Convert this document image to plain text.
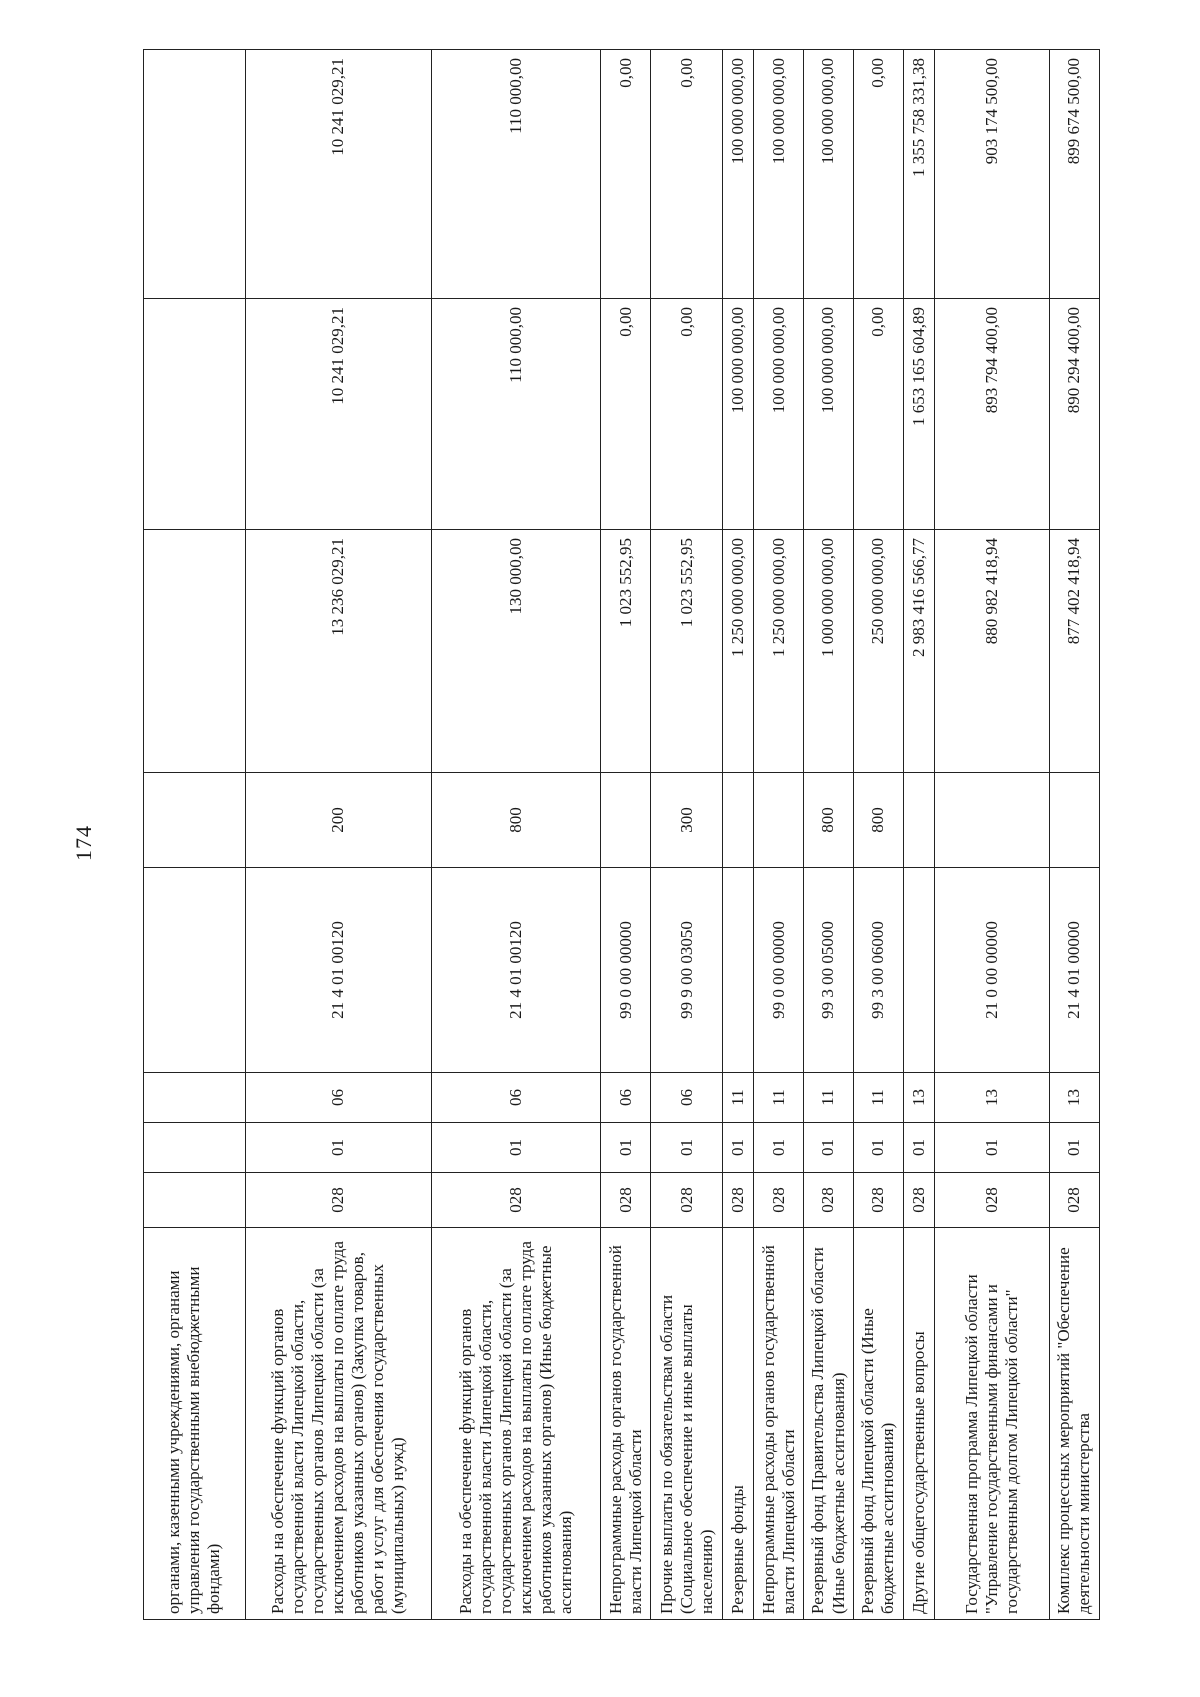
174
органами, казенными учреждениями, органами управления государственными внебюджетными фондами)								
Расходы на обеспечение функций органов государственной власти Липецкой области, государственных органов Липецкой области (за исключением расходов на выплаты по оплате труда работников указанных органов) (Закупка товаров, работ и услуг для обеспечения государственных (муниципальных) нужд)	028	01	06	21 4 01 00120	200	13 236 029,21	10 241 029,21	10 241 029,21
Расходы на обеспечение функций органов государственной власти Липецкой области, государственных органов Липецкой области (за исключением расходов на выплаты по оплате труда работников указанных органов) (Иные бюджетные ассигнования)	028	01	06	21 4 01 00120	800	130 000,00	110 000,00	110 000,00
Непрограммные расходы органов государственной власти Липецкой области	028	01	06	99 0 00 00000		1 023 552,95	0,00	0,00
Прочие выплаты по обязательствам области (Социальное обеспечение и иные выплаты населению)	028	01	06	99 9 00 03050	300	1 023 552,95	0,00	0,00
Резервные фонды	028	01	11			1 250 000 000,00	100 000 000,00	100 000 000,00
Непрограммные расходы органов государственной власти Липецкой области	028	01	11	99 0 00 00000		1 250 000 000,00	100 000 000,00	100 000 000,00
Резервный фонд Правительства Липецкой области (Иные бюджетные ассигнования)	028	01	11	99 3 00 05000	800	1 000 000 000,00	100 000 000,00	100 000 000,00
Резервный фонд Липецкой области (Иные бюджетные ассигнования)	028	01	11	99 3 00 06000	800	250 000 000,00	0,00	0,00
Другие общегосударственные вопросы	028	01	13			2 983 416 566,77	1 653 165 604,89	1 355 758 331,38
Государственная программа Липецкой области "Управление государственными финансами и государственным долгом Липецкой области"	028	01	13	21 0 00 00000		880 982 418,94	893 794 400,00	903 174 500,00
Комплекс процессных мероприятий "Обеспечение деятельности министерства	028	01	13	21 4 01 00000		877 402 418,94	890 294 400,00	899 674 500,00
